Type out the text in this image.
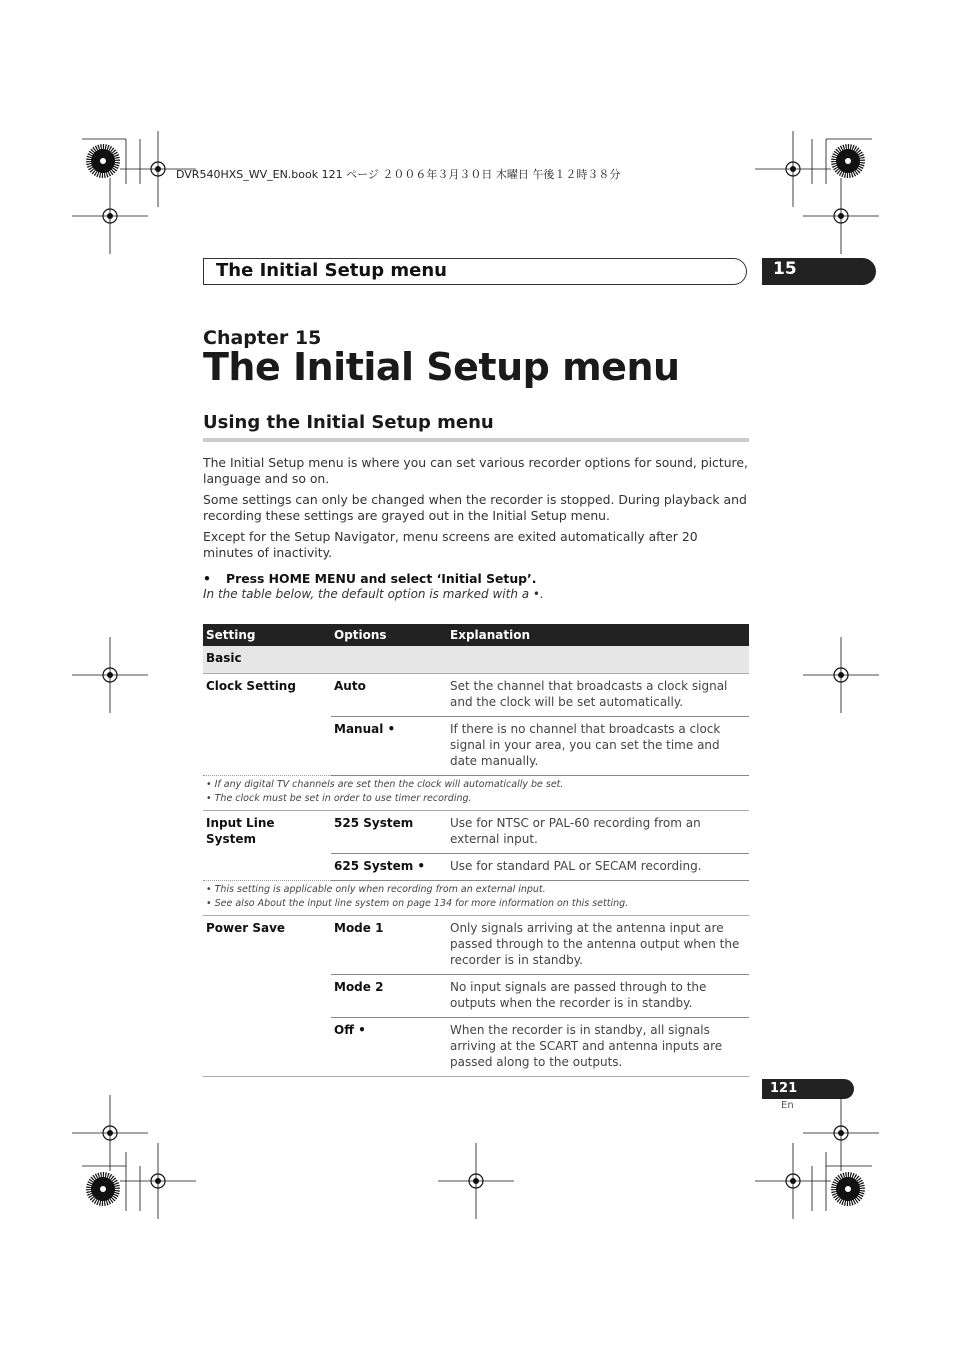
DVR540HXS_WV_EN.book 121 ページ ２００６年３月３０日 木曜日 午後１２時３８分
The Initial Setup menu	15
Chapter 15
The Initial Setup menu
Using the Initial Setup menu
The Initial Setup menu is where you can set various recorder options for sound, picture, language and so on.
Some settings can only be changed when the recorder is stopped. During playback and recording these settings are grayed out in the Initial Setup menu.
Except for the Setup Navigator, menu screens are exited automatically after 20 minutes of inactivity.
• Press HOME MENU and select ‘Initial Setup’.
In the table below, the default option is marked with a •.
Setting	Options	Explanation
Basic		
Clock Setting	Auto	Set the channel that broadcasts a clock signal and the clock will be set automatically.
	Manual •	If there is no channel that broadcasts a clock signal in your area, you can set the time and date manually.

• If any digital TV channels are set then the clock will automatically be set.
• The clock must be set in order to use timer recording.		

Input Line System	525 System	Use for NTSC or PAL-60 recording from an external input.
	625 System •	Use for standard PAL or SECAM recording.

• This setting is applicable only when recording from an external input.
• See also About the input line system on page 134 for more information on this setting.		

Power Save	Mode 1	Only signals arriving at the antenna input are passed through to the antenna output when the recorder is in standby.
	Mode 2	No input signals are passed through to the outputs when the recorder is in standby.
	Off •	When the recorder is in standby, all signals arriving at the SCART and antenna inputs are passed along to the outputs.
121
En
